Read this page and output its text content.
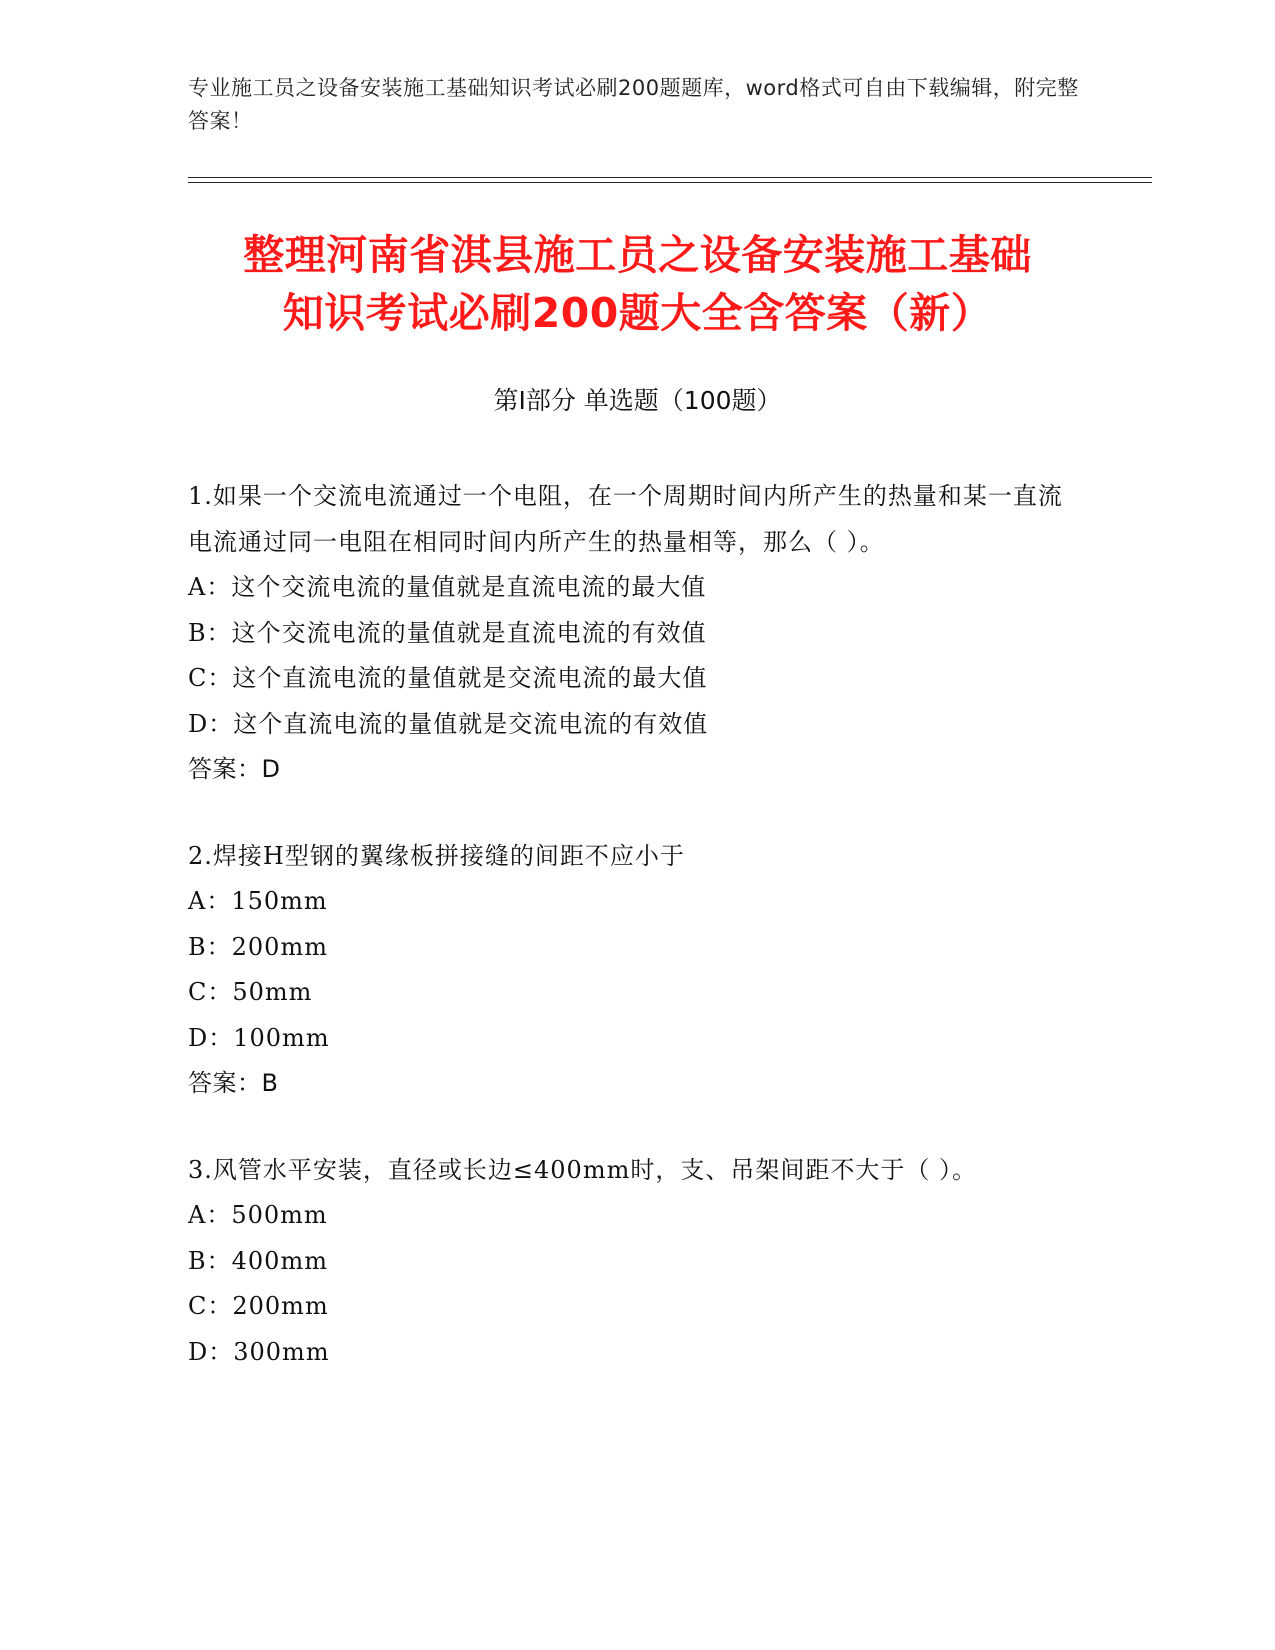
专业施工员之设备安装施工基础知识考试必刷200题题库，word格式可自由下载编辑，附完整答案！
整理河南省淇县施工员之设备安装施工基础
知识考试必刷200题大全含答案（新）
第Ⅰ部分 单选题（100题）
1.如果一个交流电流通过一个电阻，在一个周期时间内所产生的热量和某一直流电流通过同一电阻在相同时间内所产生的热量相等，那么（ ）。
A：这个交流电流的量值就是直流电流的最大值
B：这个交流电流的量值就是直流电流的有效值
C：这个直流电流的量值就是交流电流的最大值
D：这个直流电流的量值就是交流电流的有效值
答案：D
2.焊接H型钢的翼缘板拼接缝的间距不应小于
A：150mm
B：200mm
C：50mm
D：100mm
答案：B
3.风管水平安装，直径或长边≤400mm时，支、吊架间距不大于（ ）。
A：500mm
B：400mm
C：200mm
D：300mm
